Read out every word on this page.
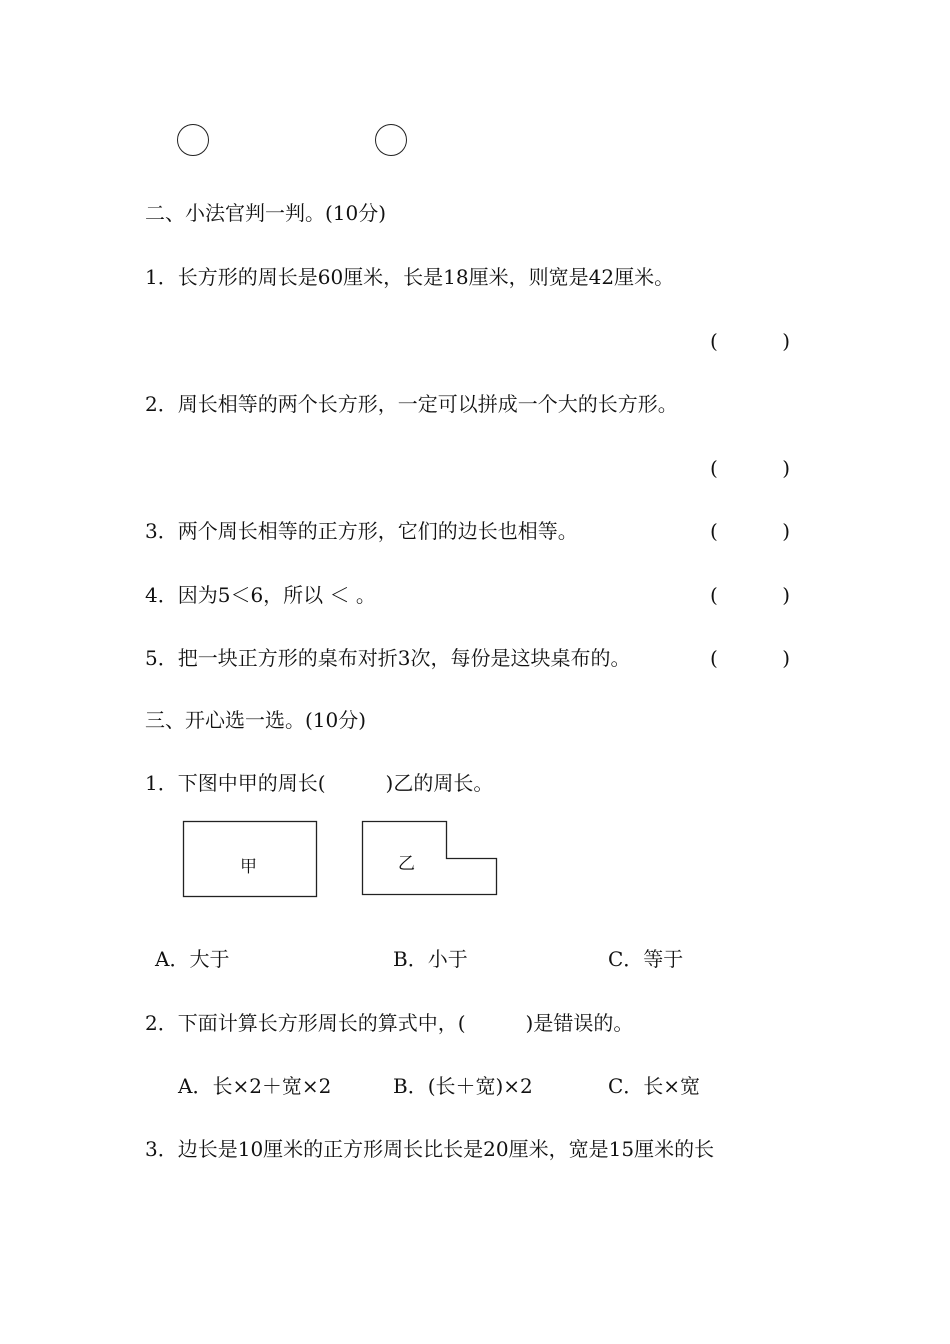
二、小法官判一判。(10分)
1．长方形的周长是60厘米，长是18厘米，则宽是42厘米。
(	)
2．周长相等的两个长方形，一定可以拼成一个大的长方形。
(	)
3．两个周长相等的正方形，它们的边长也相等。	(	)
4．因为5＜6，所以 ＜ 。	(	)
5．把一块正方形的桌布对折3次，每份是这块桌布的。	(	)
三、开心选一选。(10分)
1．下图中甲的周长(　　　)乙的周长。
甲	乙
A．大于	B．小于	C．等于
2．下面计算长方形周长的算式中，(　　　)是错误的。
A．长×2＋宽×2	B．(长＋宽)×2	C．长×宽
3．边长是10厘米的正方形周长比长是20厘米，宽是15厘米的长
